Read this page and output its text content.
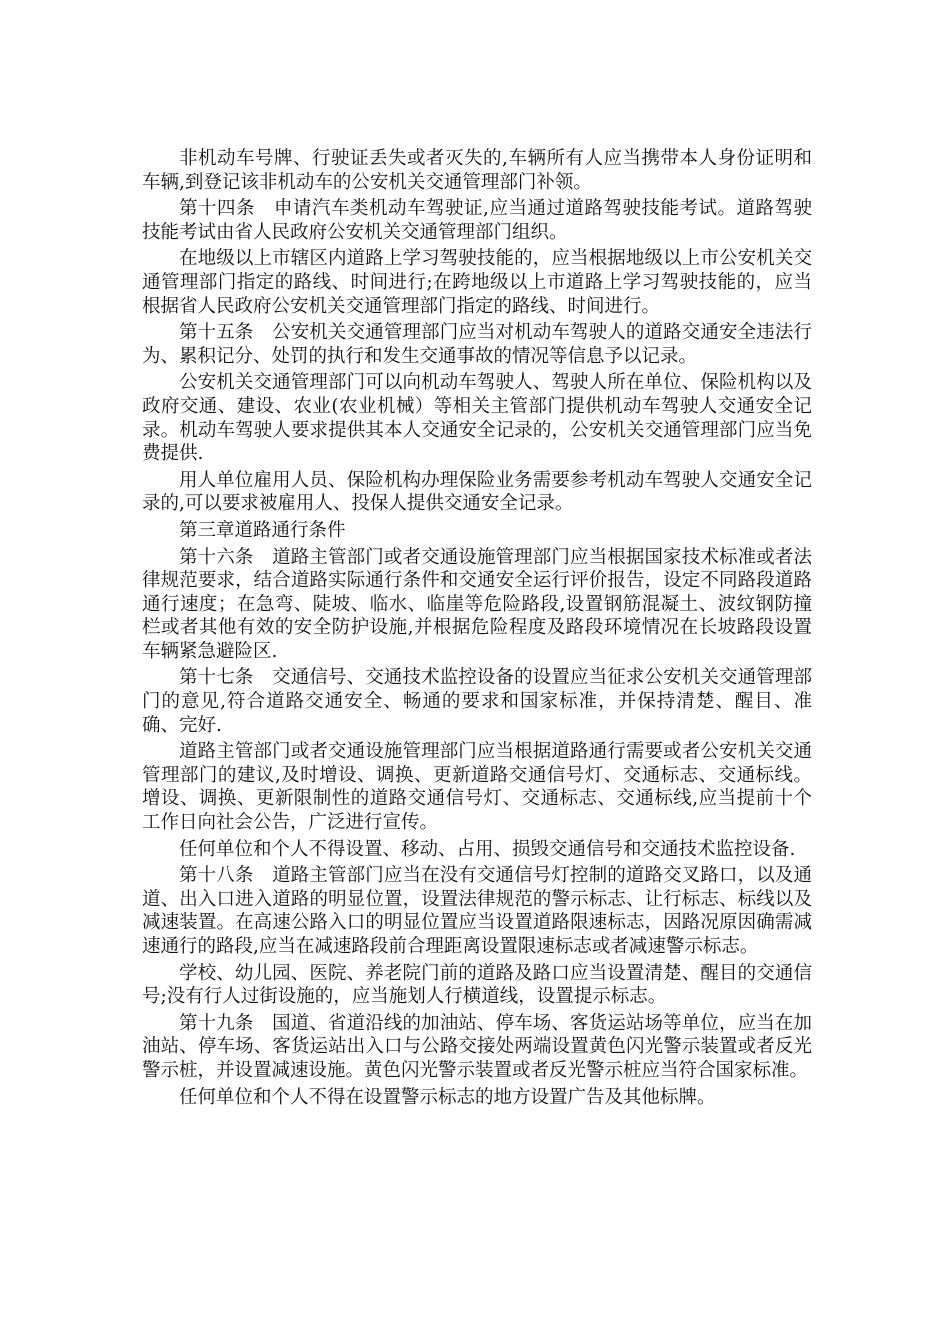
非机动车号牌、行驶证丢失或者灭失的,车辆所有人应当携带本人身份证明和车辆,到登记该非机动车的公安机关交通管理部门补领。

第十四条　申请汽车类机动车驾驶证,应当通过道路驾驶技能考试。道路驾驶技能考试由省人民政府公安机关交通管理部门组织。

在地级以上市辖区内道路上学习驾驶技能的，应当根据地级以上市公安机关交通管理部门指定的路线、时间进行;在跨地级以上市道路上学习驾驶技能的，应当根据省人民政府公安机关交通管理部门指定的路线、时间进行。

第十五条　公安机关交通管理部门应当对机动车驾驶人的道路交通安全违法行为、累积记分、处罚的执行和发生交通事故的情况等信息予以记录。

公安机关交通管理部门可以向机动车驾驶人、驾驶人所在单位、保险机构以及政府交通、建设、农业(农业机械）等相关主管部门提供机动车驾驶人交通安全记录。机动车驾驶人要求提供其本人交通安全记录的，公安机关交通管理部门应当免费提供.

用人单位雇用人员、保险机构办理保险业务需要参考机动车驾驶人交通安全记录的,可以要求被雇用人、投保人提供交通安全记录。

第三章道路通行条件

第十六条　道路主管部门或者交通设施管理部门应当根据国家技术标准或者法律规范要求，结合道路实际通行条件和交通安全运行评价报告，设定不同路段道路通行速度；在急弯、陡坡、临水、临崖等危险路段,设置钢筋混凝土、波纹钢防撞栏或者其他有效的安全防护设施,并根据危险程度及路段环境情况在长坡路段设置车辆紧急避险区.

第十七条　交通信号、交通技术监控设备的设置应当征求公安机关交通管理部门的意见,符合道路交通安全、畅通的要求和国家标准，并保持清楚、醒目、准确、完好.

道路主管部门或者交通设施管理部门应当根据道路通行需要或者公安机关交通管理部门的建议,及时增设、调换、更新道路交通信号灯、交通标志、交通标线。增设、调换、更新限制性的道路交通信号灯、交通标志、交通标线,应当提前十个工作日向社会公告，广泛进行宣传。

任何单位和个人不得设置、移动、占用、损毁交通信号和交通技术监控设备.

第十八条　道路主管部门应当在没有交通信号灯控制的道路交叉路口，以及通道、出入口进入道路的明显位置，设置法律规范的警示标志、让行标志、标线以及减速装置。在高速公路入口的明显位置应当设置道路限速标志，因路况原因确需减速通行的路段,应当在减速路段前合理距离设置限速标志或者减速警示标志。

学校、幼儿园、医院、养老院门前的道路及路口应当设置清楚、醒目的交通信号;没有行人过街设施的，应当施划人行横道线，设置提示标志。

第十九条　国道、省道沿线的加油站、停车场、客货运站场等单位，应当在加油站、停车场、客货运站出入口与公路交接处两端设置黄色闪光警示装置或者反光警示桩，并设置减速设施。黄色闪光警示装置或者反光警示桩应当符合国家标准。

任何单位和个人不得在设置警示标志的地方设置广告及其他标牌。
